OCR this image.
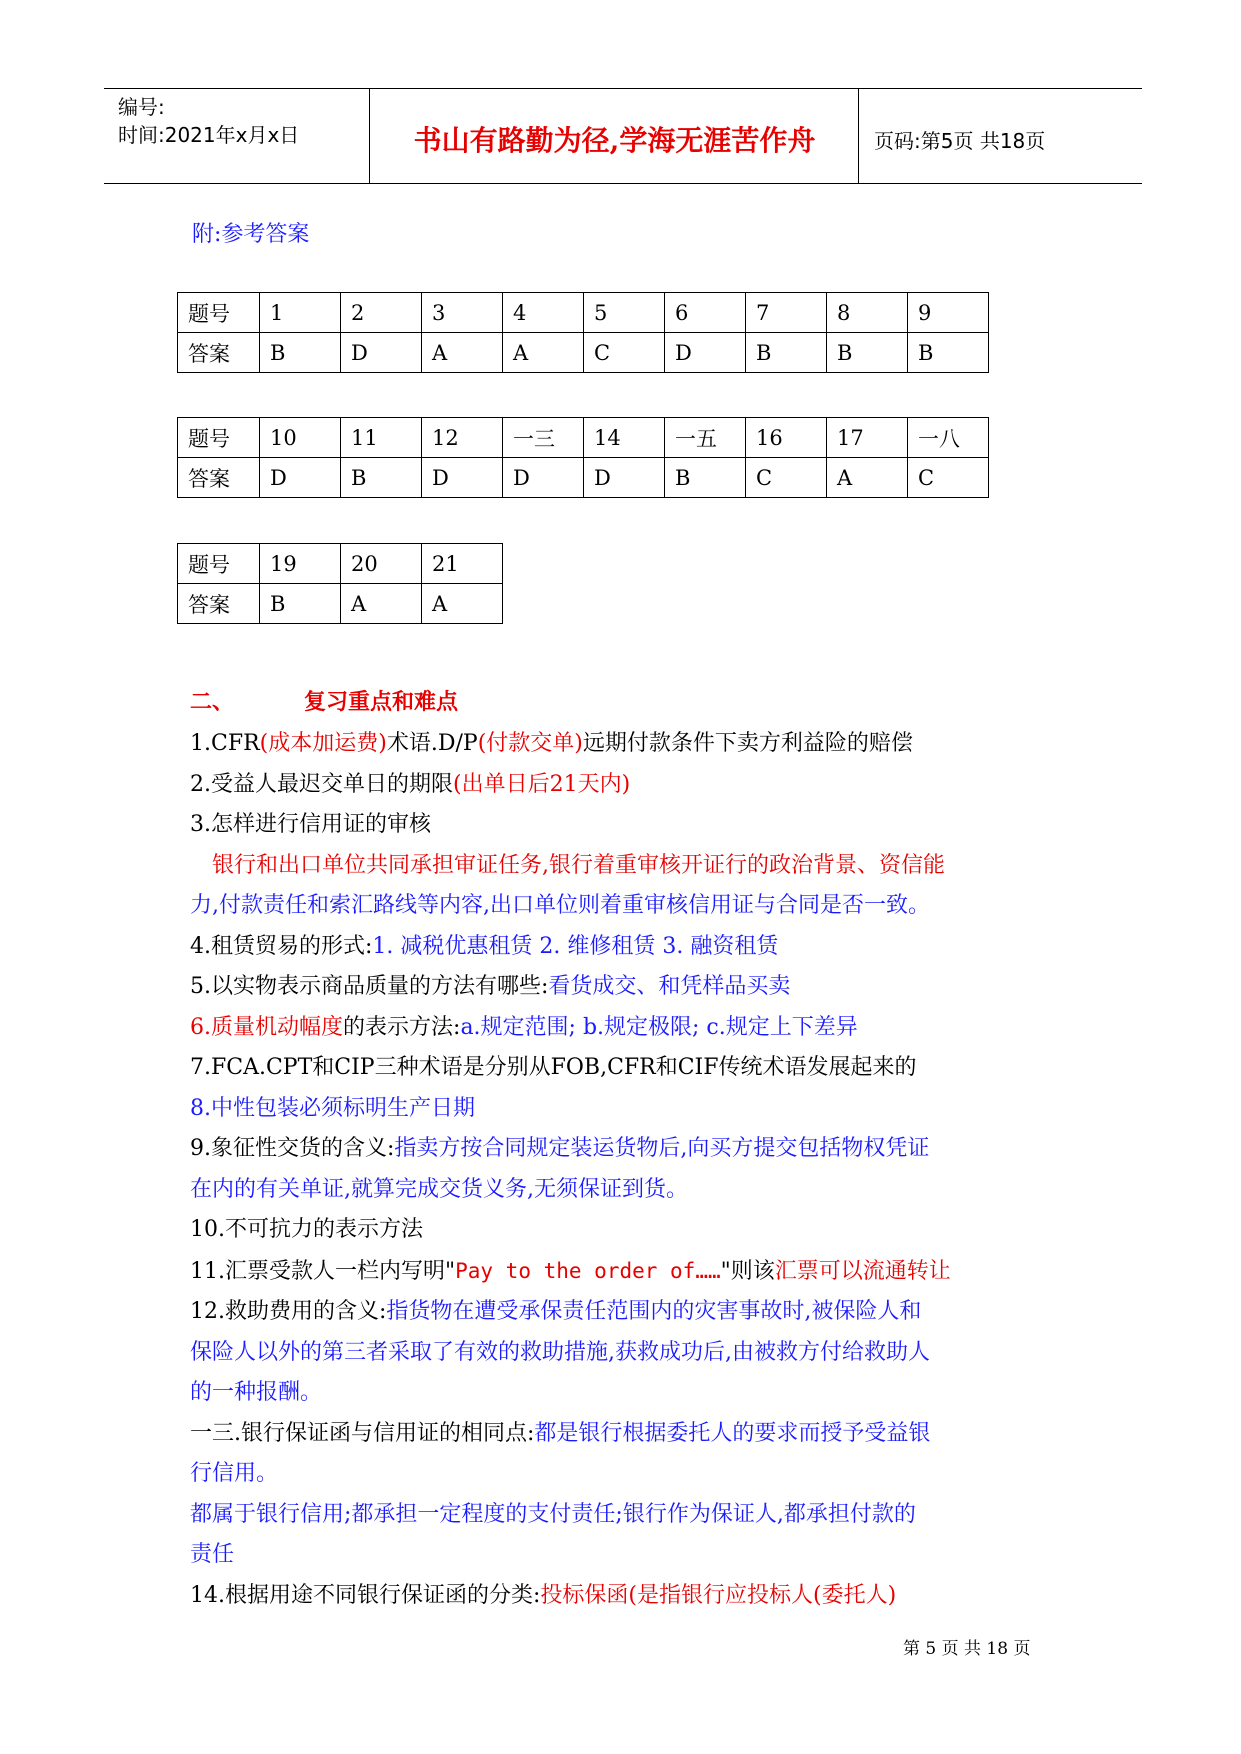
编号:
时间:2021年x月x日	书山有路勤为径,学海无涯苦作舟	页码:第5页 共18页
附:参考答案
题号	1	2	3	4	5	6	7	8	9
答案	B	D	A	A	C	D	B	B	B
题号	10	11	12	一三	14	一五	16	17	一八
答案	D	B	D	D	D	B	C	A	C
题号	19	20	21
答案	B	A	A

二、	复习重点和难点

1.CFR(成本加运费)术语.D/P(付款交单)远期付款条件下卖方利益险的赔偿

2.受益人最迟交单日的期限(出单日后21天内)

3.怎样进行信用证的审核

银行和出口单位共同承担审证任务,银行着重审核开证行的政治背景、资信能

力,付款责任和索汇路线等内容,出口单位则着重审核信用证与合同是否一致。

4.租赁贸易的形式:1. 减税优惠租赁 2. 维修租赁 3. 融资租赁

5.以实物表示商品质量的方法有哪些:看货成交、和凭样品买卖

6.质量机动幅度的表示方法:a.规定范围; b.规定极限; c.规定上下差异

7.FCA.CPT和CIP三种术语是分别从FOB,CFR和CIF传统术语发展起来的

8.中性包装必须标明生产日期

9.象征性交货的含义:指卖方按合同规定装运货物后,向买方提交包括物权凭证

在内的有关单证,就算完成交货义务,无须保证到货。

10.不可抗力的表示方法

11.汇票受款人一栏内写明"Pay to the order of……"则该汇票可以流通转让

12.救助费用的含义:指货物在遭受承保责任范围内的灾害事故时,被保险人和

保险人以外的第三者采取了有效的救助措施,获救成功后,由被救方付给救助人

的一种报酬。

一三.银行保证函与信用证的相同点:都是银行根据委托人的要求而授予受益银

行信用。

都属于银行信用;都承担一定程度的支付责任;银行作为保证人,都承担付款的

责任

14.根据用途不同银行保证函的分类:投标保函(是指银行应投标人(委托人)

第 5 页 共 18 页
